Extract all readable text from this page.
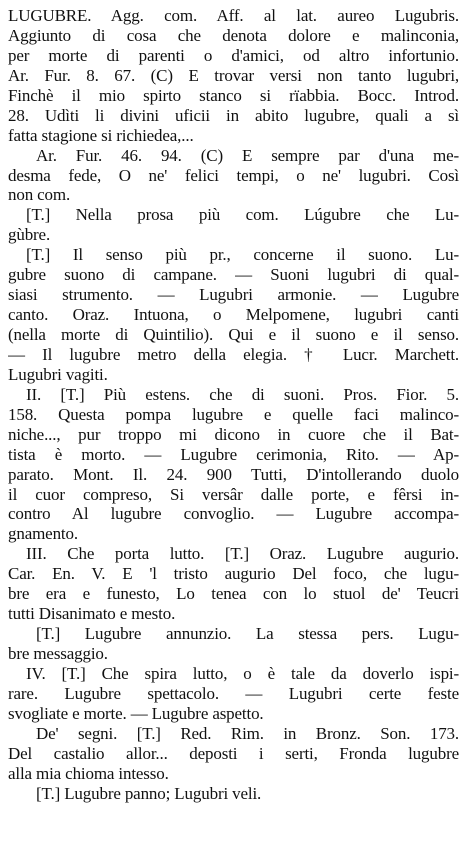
LUGUBRE. Agg. com. Aff. al lat. aureo Lugubris.
Aggiunto di cosa che denota dolore e malinconia,
per morte di parenti o d'amici, od altro infortunio.
Ar. Fur. 8. 67. (C) E trovar versi non tanto lugubri,
Finchè il mio spirto stanco si rïabbia. Bocc. Introd.
28. Udìti li divini uficii in abito lugubre, quali a sì
fatta stagione si richiedea,...
Ar. Fur. 46. 94. (C) E sempre par d'una me-
desma fede, O ne' felici tempi, o ne' lugubri. Così
non com.
[T.] Nella prosa più com. Lúgubre che Lu-
gùbre.
[T.] Il senso più pr., concerne il suono. Lu-
gubre suono di campane. — Suoni lugubri di qual-
siasi strumento. — Lugubri armonie. — Lugubre
canto. Oraz. Intuona, o Melpomene, lugubri canti
(nella morte di Quintilio). Qui e il suono e il senso.
— Il lugubre metro della elegia. † Lucr. Marchett.
Lugubri vagiti.
II. [T.] Più estens. che di suoni. Pros. Fior. 5.
158. Questa pompa lugubre e quelle faci malinco-
niche..., pur troppo mi dicono in cuore che il Bat-
tista è morto. — Lugubre cerimonia, Rito. — Ap-
parato. Mont. Il. 24. 900 Tutti, D'intollerando duolo
il cuor compreso, Si versâr dalle porte, e fêrsi in-
contro Al lugubre convoglio. — Lugubre accompa-
gnamento.
III. Che porta lutto. [T.] Oraz. Lugubre augurio.
Car. En. V. E 'l tristo augurio Del foco, che lugu-
bre era e funesto, Lo tenea con lo stuol de' Teucri
tutti Disanimato e mesto.
[T.] Lugubre annunzio. La stessa pers. Lugu-
bre messaggio.
IV. [T.] Che spira lutto, o è tale da doverlo ispi-
rare. Lugubre spettacolo. — Lugubri certe feste
svogliate e morte. — Lugubre aspetto.
De' segni. [T.] Red. Rim. in Bronz. Son. 173.
Del castalio allor... deposti i serti, Fronda lugubre
alla mia chioma intesso.
[T.] Lugubre panno; Lugubri veli.
